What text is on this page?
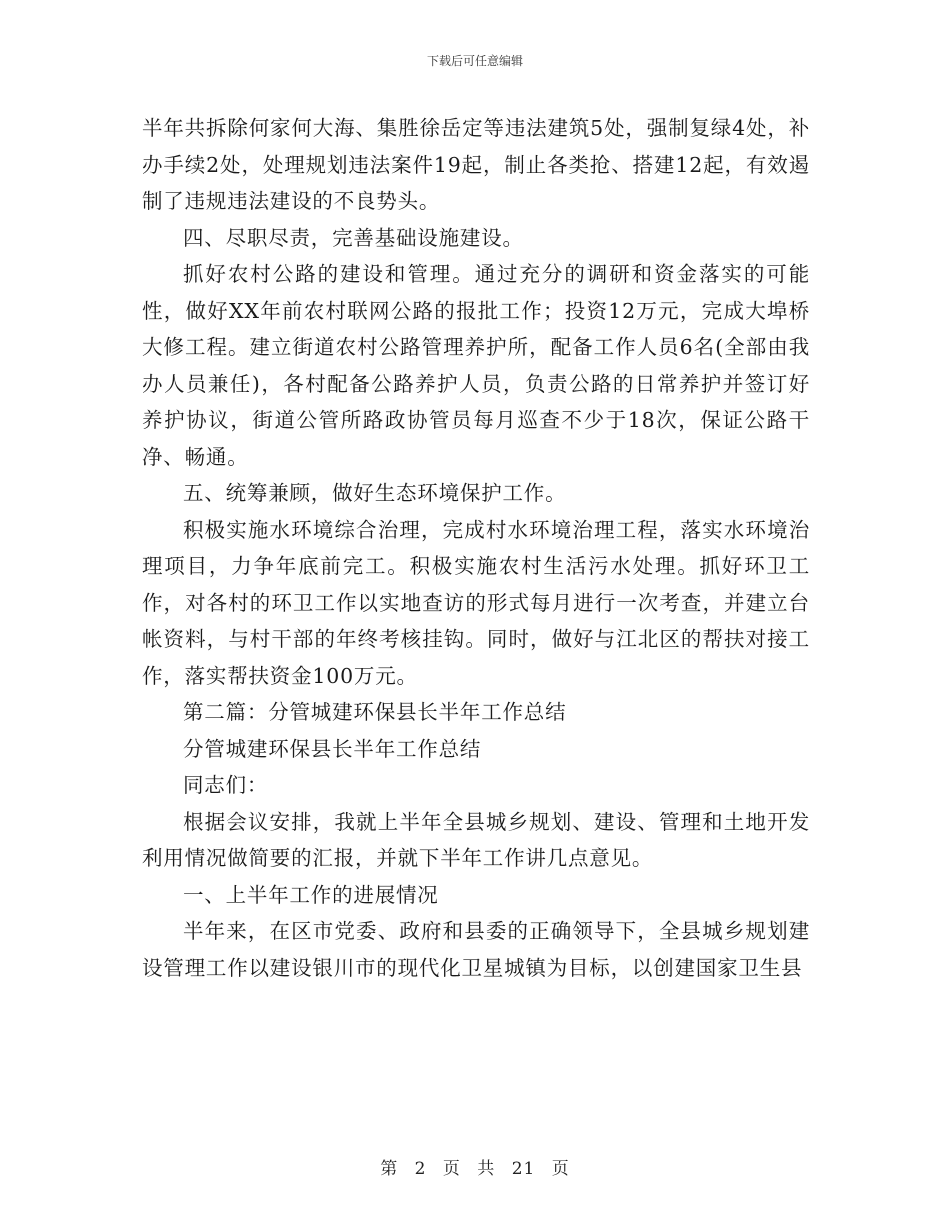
下载后可任意编辑

半年共拆除何家何大海、集胜徐岳定等违法建筑5处，强制复绿4处，补办手续2处，处理规划违法案件19起，制止各类抢、搭建12起，有效遏制了违规违法建设的不良势头。

四、尽职尽责，完善基础设施建设。

抓好农村公路的建设和管理。通过充分的调研和资金落实的可能性，做好XX年前农村联网公路的报批工作；投资12万元，完成大埠桥大修工程。建立街道农村公路管理养护所，配备工作人员6名(全部由我办人员兼任)，各村配备公路养护人员，负责公路的日常养护并签订好养护协议，街道公管所路政协管员每月巡查不少于18次，保证公路干净、畅通。

五、统筹兼顾，做好生态环境保护工作。

积极实施水环境综合治理，完成村水环境治理工程，落实水环境治理项目，力争年底前完工。积极实施农村生活污水处理。抓好环卫工作，对各村的环卫工作以实地查访的形式每月进行一次考查，并建立台帐资料，与村干部的年终考核挂钩。同时，做好与江北区的帮扶对接工作，落实帮扶资金100万元。

第二篇：分管城建环保县长半年工作总结

分管城建环保县长半年工作总结

同志们：

根据会议安排，我就上半年全县城乡规划、建设、管理和土地开发利用情况做简要的汇报，并就下半年工作讲几点意见。

一、上半年工作的进展情况

半年来，在区市党委、政府和县委的正确领导下，全县城乡规划建设管理工作以建设银川市的现代化卫星城镇为目标，以创建国家卫生县

第 2 页 共 21 页
